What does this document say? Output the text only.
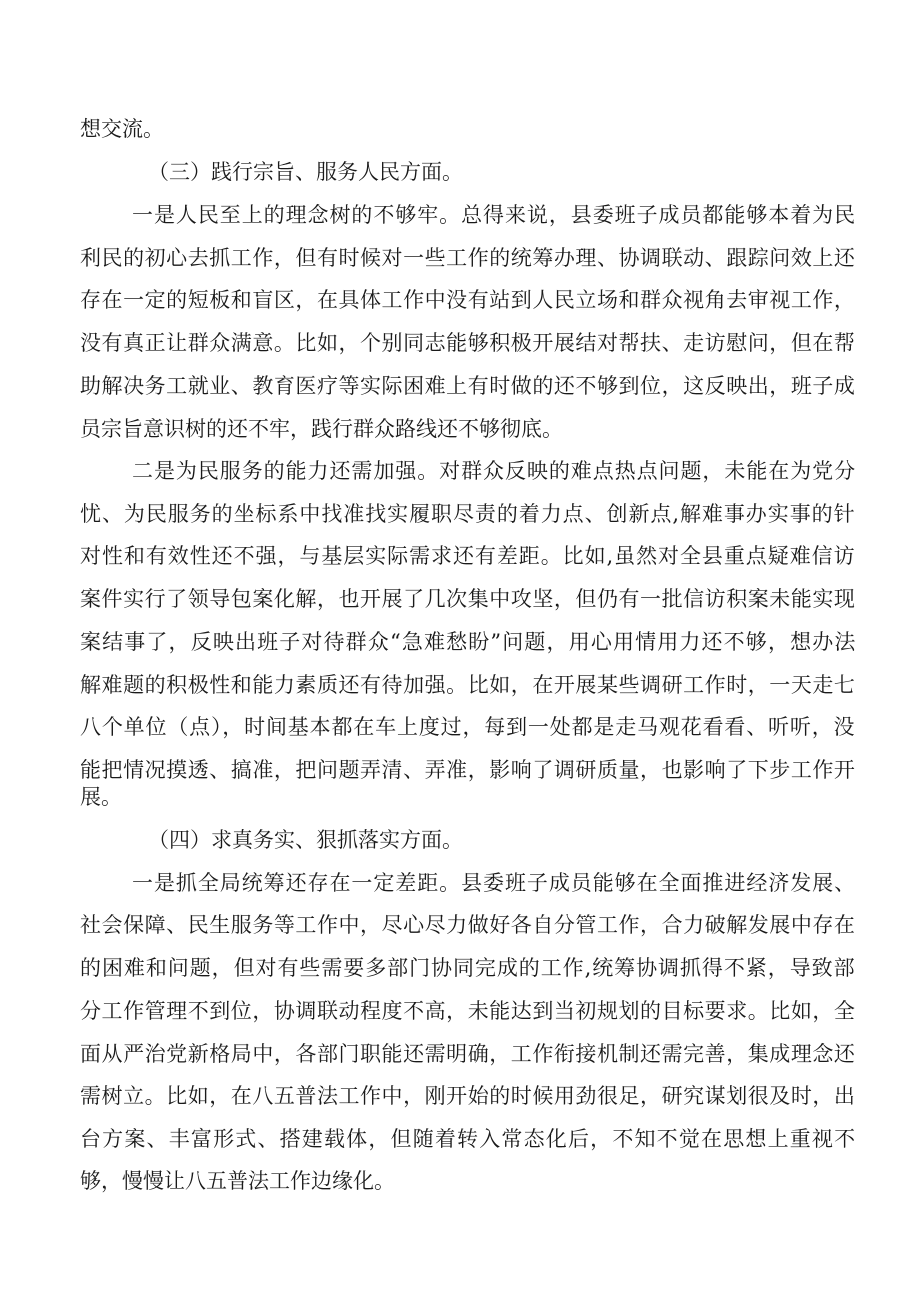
想交流。
（三）践行宗旨、服务人民方面。
一是人民至上的理念树的不够牢。总得来说，县委班子成员都能够本着为民
利民的初心去抓工作，但有时候对一些工作的统筹办理、协调联动、跟踪问效上还
存在一定的短板和盲区，在具体工作中没有站到人民立场和群众视角去审视工作，
没有真正让群众满意。比如，个别同志能够积极开展结对帮扶、走访慰问，但在帮
助解决务工就业、教育医疗等实际困难上有时做的还不够到位，这反映出，班子成
员宗旨意识树的还不牢，践行群众路线还不够彻底。
二是为民服务的能力还需加强。对群众反映的难点热点问题，未能在为党分
忧、为民服务的坐标系中找准找实履职尽责的着力点、创新点,解难事办实事的针
对性和有效性还不强，与基层实际需求还有差距。比如,虽然对全县重点疑难信访
案件实行了领导包案化解，也开展了几次集中攻坚，但仍有一批信访积案未能实现
案结事了，反映出班子对待群众“急难愁盼”问题，用心用情用力还不够，想办法
解难题的积极性和能力素质还有待加强。比如，在开展某些调研工作时，一天走七
八个单位（点），时间基本都在车上度过，每到一处都是走马观花看看、听听，没
能把情况摸透、搞准，把问题弄清、弄准，影响了调研质量，也影响了下步工作开
展。
（四）求真务实、狠抓落实方面。
一是抓全局统筹还存在一定差距。县委班子成员能够在全面推进经济发展、
社会保障、民生服务等工作中，尽心尽力做好各自分管工作，合力破解发展中存在
的困难和问题，但对有些需要多部门协同完成的工作,统筹协调抓得不紧，导致部
分工作管理不到位，协调联动程度不高，未能达到当初规划的目标要求。比如，全
面从严治党新格局中，各部门职能还需明确，工作衔接机制还需完善，集成理念还
需树立。比如，在八五普法工作中，刚开始的时候用劲很足，研究谋划很及时，出
台方案、丰富形式、搭建载体，但随着转入常态化后，不知不觉在思想上重视不
够，慢慢让八五普法工作边缘化。
